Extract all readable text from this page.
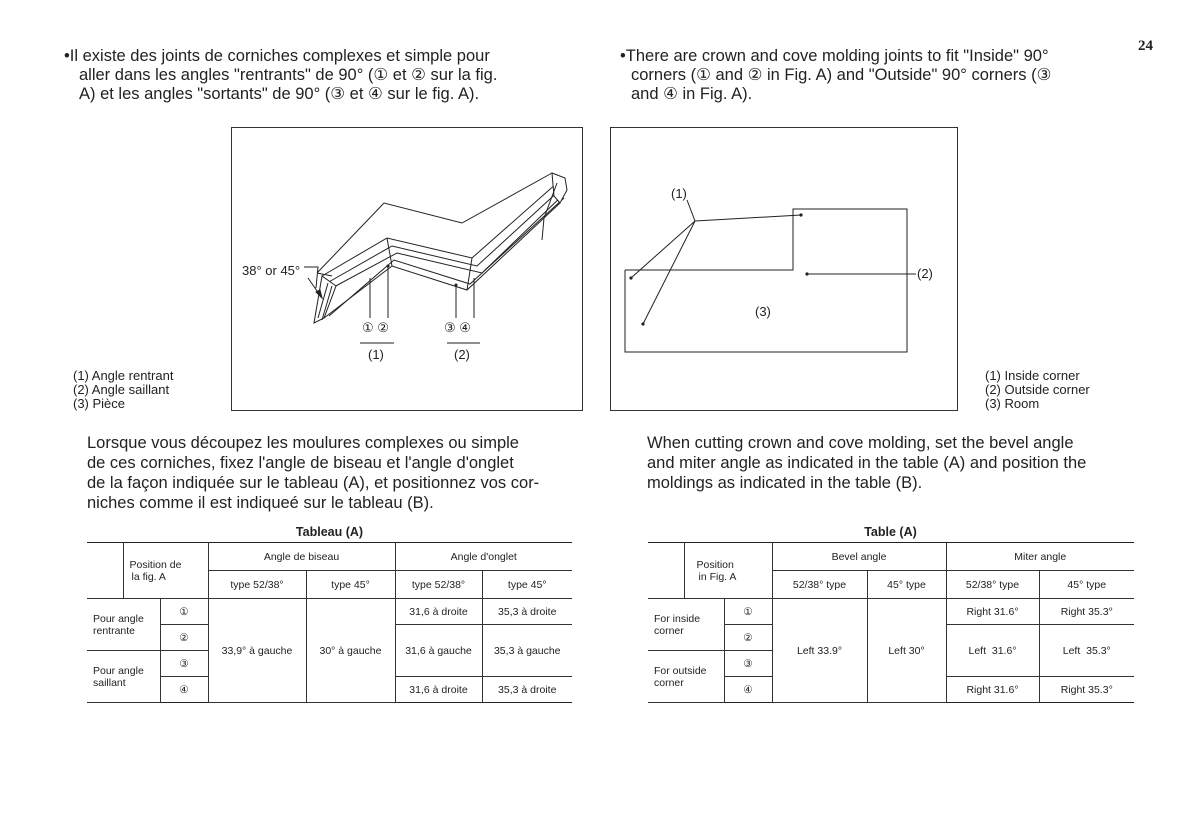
24
•Il existe des joints de corniches complexes et simple pour
aller dans les angles "rentrants" de 90° (① et ② sur la fig.
A) et les angles "sortants" de 90° (③ et ④ sur le fig. A).
•There are crown and cove molding joints to fit "Inside" 90°
corners (① and ② in Fig. A) and "Outside" 90° corners (③
and ④ in Fig. A).
38° or 45°
① ②	③ ④
(1)	(2)
(1) Angle rentrant
(2) Angle saillant
(3) Pièce
(1)
(2)
(3)
(1) Inside corner
(2) Outside corner
(3) Room
Lorsque vous découpez les moulures complexes ou simple
de ces corniches, fixez l'angle de biseau et l'angle d'onglet
de la façon indiquée sur le tableau (A), et positionnez vos cor-
niches comme il est indiqueé sur le tableau (B).
When cutting crown and cove molding, set the bevel angle
and miter angle as indicated in the table (A) and position the
moldings as indicated in the table (B).
Tableau (A)

	Position de
la fig. A		Angle de biseau		Angle d'onglet	
			type 52/38°	type 45°	type 52/38°	type 45°

Pour angle
rentrante		①	33,9° à gauche	30° à gauche	31,6 à droite	35,3 à droite
		②			31,6 à gauche	35,3 à gauche

Pour angle
saillant		③				
		④			31,6 à droite	35,3 à droite
Table (A)

	Position
in Fig. A		Bevel angle		Miter angle	
			52/38° type	45° type	52/38° type	45° type

For inside
corner		①	Left 33.9°	Left 30°	Right 31.6°	Right 35.3°
		②			Left  31.6°	Left  35.3°

For outside
corner		③				
		④			Right 31.6°	Right 35.3°
